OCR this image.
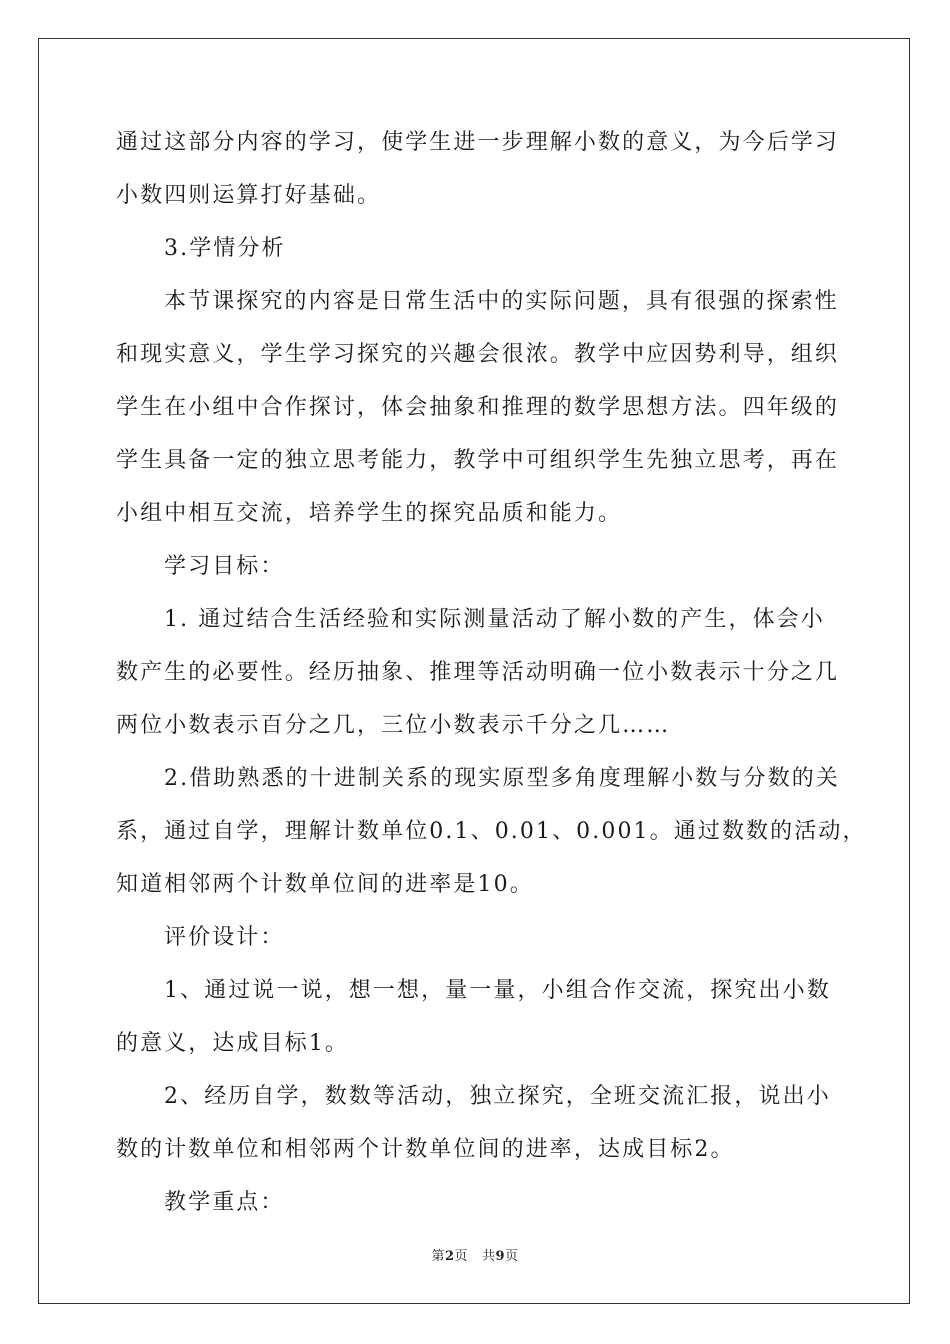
通过这部分内容的学习，使学生进一步理解小数的意义，为今后学习
小数四则运算打好基础。
3.学情分析
本节课探究的内容是日常生活中的实际问题，具有很强的探索性
和现实意义，学生学习探究的兴趣会很浓。教学中应因势利导，组织
学生在小组中合作探讨，体会抽象和推理的数学思想方法。四年级的
学生具备一定的独立思考能力，教学中可组织学生先独立思考，再在
小组中相互交流，培养学生的探究品质和能力。
学习目标：
1. 通过结合生活经验和实际测量活动了解小数的产生，体会小
数产生的必要性。经历抽象、推理等活动明确一位小数表示十分之几
两位小数表示百分之几，三位小数表示千分之几……
2.借助熟悉的十进制关系的现实原型多角度理解小数与分数的关
系，通过自学，理解计数单位0.1、0.01、0.001。通过数数的活动，
知道相邻两个计数单位间的进率是10。
评价设计：
1、通过说一说，想一想，量一量，小组合作交流，探究出小数
的意义，达成目标1。
2、经历自学，数数等活动，独立探究，全班交流汇报，说出小
数的计数单位和相邻两个计数单位间的进率，达成目标2。
教学重点：
第2页 共9页
